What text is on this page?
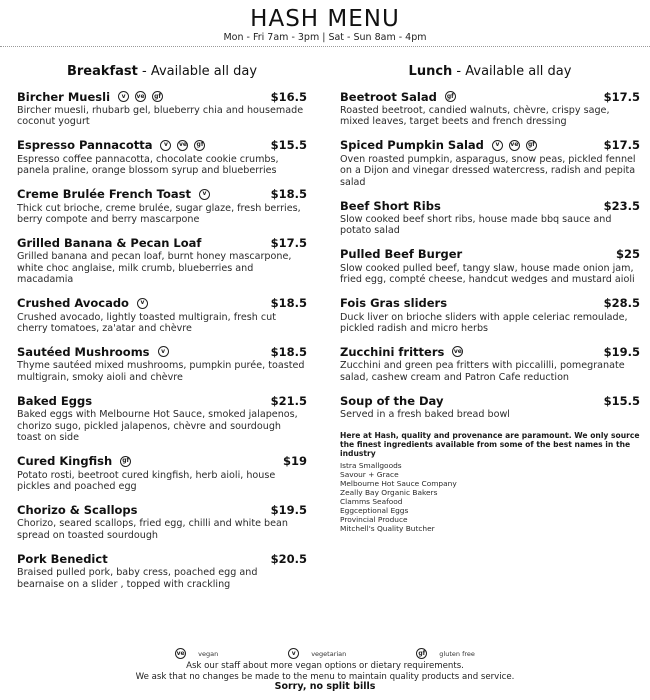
HASH MENU
Mon - Fri 7am - 3pm | Sat - Sun 8am - 4pm
Breakfast - Available all day
Bircher Muesli	v	ve	gf	$16.5
Bircher muesli, rhubarb gel, blueberry chia and housemade coconut yogurt
Espresso Pannacotta	v	ve	gf	$15.5
Espresso coffee pannacotta, chocolate cookie crumbs, panela praline, orange blossom syrup and blueberries
Creme Brulée French Toast	v	$18.5
Thick cut brioche, creme brulée, sugar glaze, fresh berries, berry compote and berry mascarpone
Grilled Banana & Pecan Loaf	$17.5
Grilled banana and pecan loaf, burnt honey mascarpone, white choc anglaise, milk crumb, blueberries and macadamia
Crushed Avocado	v	$18.5
Crushed avocado, lightly toasted multigrain, fresh cut cherry tomatoes, za'atar and chèvre
Sautéed Mushrooms	v	$18.5
Thyme sautéed mixed mushrooms, pumpkin purée, toasted multigrain, smoky aioli and chèvre
Baked Eggs	$21.5
Baked eggs with Melbourne Hot Sauce, smoked jalapenos, chorizo sugo, pickled jalapenos, chèvre and sourdough toast on side
Cured Kingfish	gf	$19
Potato rosti, beetroot cured kingfish, herb aioli, house pickles and poached egg
Chorizo & Scallops	$19.5
Chorizo, seared scallops, fried egg, chilli and white bean spread on toasted sourdough
Pork Benedict	$20.5
Braised pulled pork, baby cress, poached egg and bearnaise on a slider , topped with crackling
Lunch - Available all day
Beetroot Salad	gf	$17.5
Roasted beetroot, candied walnuts, chèvre, crispy sage, mixed leaves, target beets and french dressing
Spiced Pumpkin Salad	v	ve	gf	$17.5
Oven roasted pumpkin, asparagus, snow peas, pickled fennel on a Dijon and vinegar dressed watercress, radish and pepita salad
Beef Short Ribs	$23.5
Slow cooked beef short ribs, house made bbq sauce and potato salad
Pulled Beef Burger	$25
Slow cooked pulled beef, tangy slaw, house made onion jam, fried egg, compté cheese, handcut wedges and mustard aioli
Fois Gras sliders	$28.5
Duck liver on brioche sliders with apple celeriac remoulade, pickled radish and micro herbs
Zucchini fritters ve	$19.5
Zucchini and green pea fritters with piccalilli, pomegranate salad, cashew cream and Patron Cafe reduction
Soup of the Day	$15.5
Served in a fresh baked bread bowl
Here at Hash, quality and provenance are paramount. We only source the finest ingredients available from some of the best names in the industry
Istra Smallgoods
Savour + Grace
Melbourne Hot Sauce Company
Zeally Bay Organic Bakers
Clamms Seafood
Eggceptional Eggs
Provincial Produce
Mitchell's Quality Butcher
ve vegan	v	vegetarian	gf	gluten free
Ask our staff about more vegan options or dietary requirements.
We ask that no changes be made to the menu to maintain quality products and service.
Sorry, no split bills
